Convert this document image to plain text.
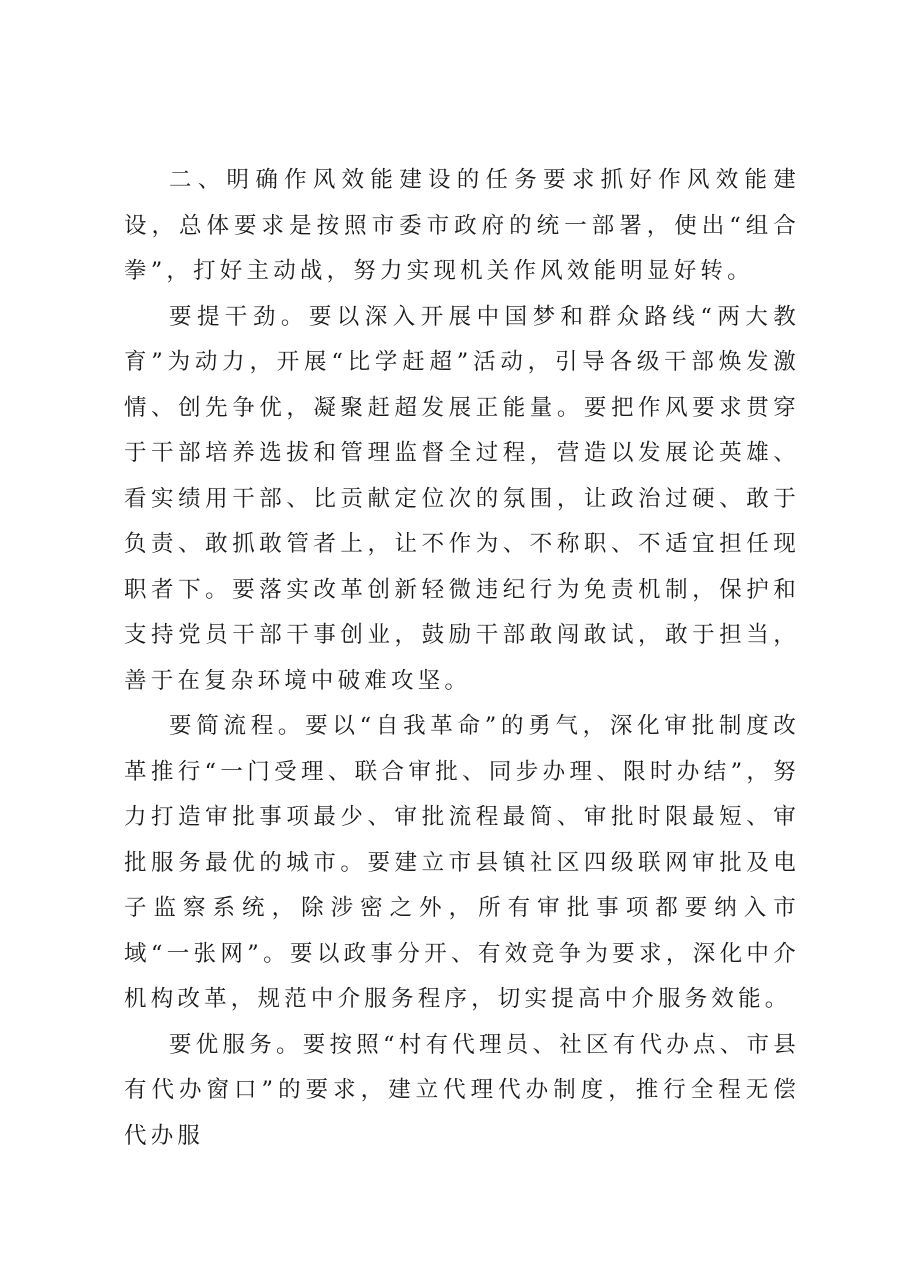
二、明确作风效能建设的任务要求抓好作风效能建设，总体要求是按照市委市政府的统一部署，使出“组合拳”，打好主动战，努力实现机关作风效能明显好转。

要提干劲。要以深入开展中国梦和群众路线“两大教育”为动力，开展“比学赶超”活动，引导各级干部焕发激情、创先争优，凝聚赶超发展正能量。要把作风要求贯穿于干部培养选拔和管理监督全过程，营造以发展论英雄、看实绩用干部、比贡献定位次的氛围，让政治过硬、敢于负责、敢抓敢管者上，让不作为、不称职、不适宜担任现职者下。要落实改革创新轻微违纪行为免责机制，保护和支持党员干部干事创业，鼓励干部敢闯敢试，敢于担当，善于在复杂环境中破难攻坚。

要简流程。要以“自我革命”的勇气，深化审批制度改革推行“一门受理、联合审批、同步办理、限时办结”，努力打造审批事项最少、审批流程最简、审批时限最短、审批服务最优的城市。要建立市县镇社区四级联网审批及电子监察系统，除涉密之外，所有审批事项都要纳入市域“一张网”。要以政事分开、有效竞争为要求，深化中介机构改革，规范中介服务程序，切实提高中介服务效能。

要优服务。要按照“村有代理员、社区有代办点、市县有代办窗口”的要求，建立代理代办制度，推行全程无偿代办服
